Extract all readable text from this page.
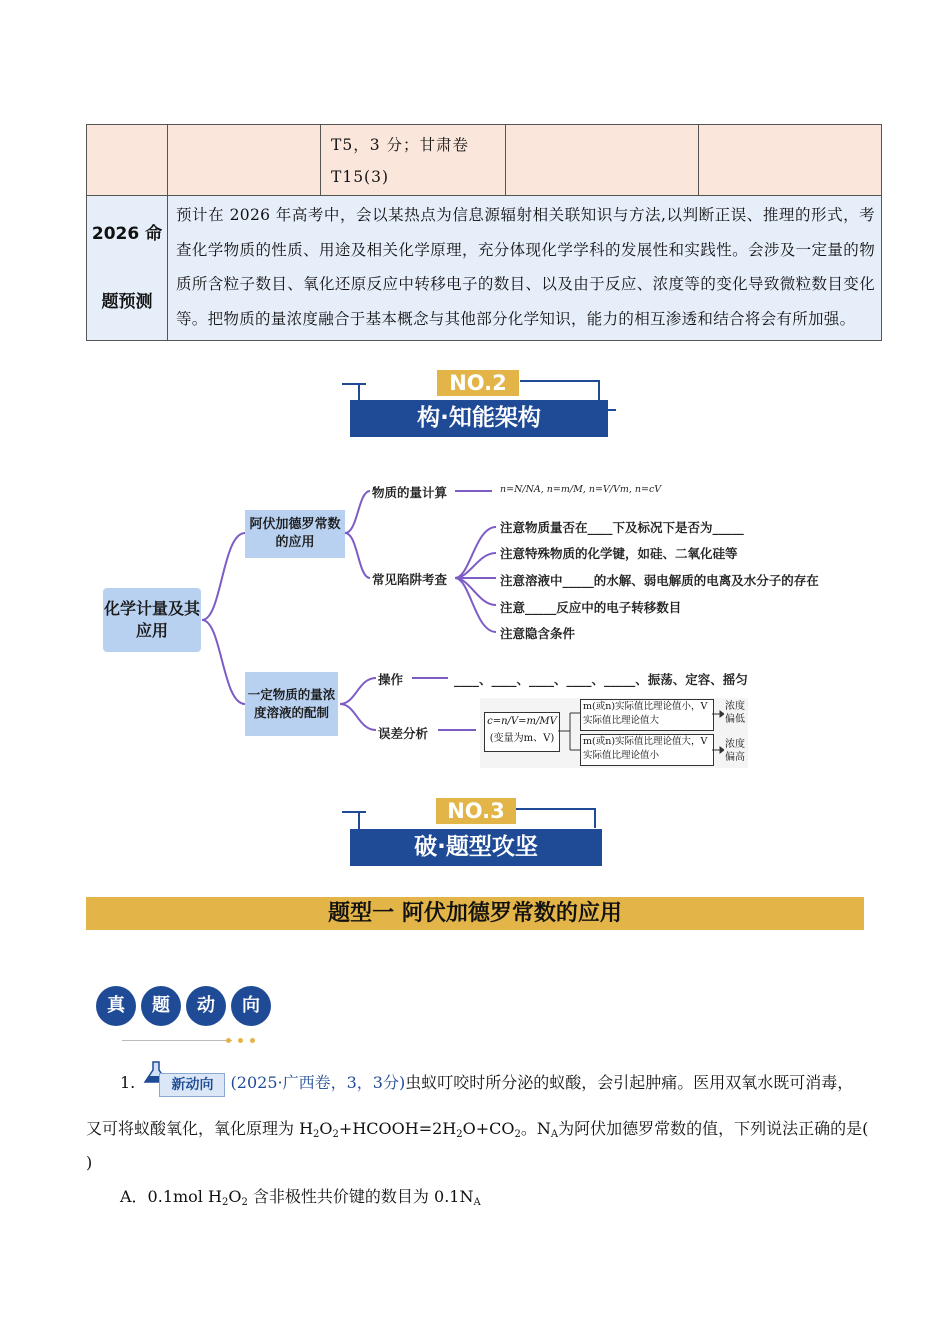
		T5，3 分；甘肃卷 T15(3)		

2026 命
题预测	预计在 2026 年高考中，会以某热点为信息源辐射相关联知识与方法,以判断正误、推理的形式，考查化学物质的性质、用途及相关化学原理，充分体现化学学科的发展性和实践性。会涉及一定量的物质所含粒子数目、氧化还原反应中转移电子的数目、以及由于反应、浓度等的变化导致微粒数目变化等。把物质的量浓度融合于基本概念与其他部分化学知识，能力的相互渗透和结合将会有所加强。			
NO.2
构·知能架构
化学计量及其应用
阿伏加德罗常数的应用
一定物质的量浓度溶液的配制
物质的量计算	n=N/NA, n=m/M, n=V/Vm, n=cV
常见陷阱考查
注意物质量否在____下及标况下是否为_____
注意特殊物质的化学键，如硅、二氧化硅等
注意溶液中_____的水解、弱电解质的电离及水分子的存在
注意_____反应中的电子转移数目
注意隐含条件
操作	____、____、____、____、_____、振荡、定容、摇匀
误差分析
c=n/V=m/MV
(变量为m、V)
m(或n)实际值比理论值小，V实际值比理论值大
m(或n)实际值比理论值大，V实际值比理论值小
浓度偏低
浓度偏高
NO.3
破·题型攻坚
题型一 阿伏加德罗常数的应用
真	题	动	向
1.	新动向	(2025·广西卷，3，3分)虫蚁叮咬时所分泌的蚁酸，会引起肿痛。医用双氧水既可消毒，
又可将蚁酸氧化，氧化原理为 $H_2O_2+HCOOH=2H_2O+CO_2$。$N_A$为阿伏加德罗常数的值，下列说法正确的是(
)
A．0.1mol $H_2O_2$ 含非极性共价键的数目为 $0.1N_A$
